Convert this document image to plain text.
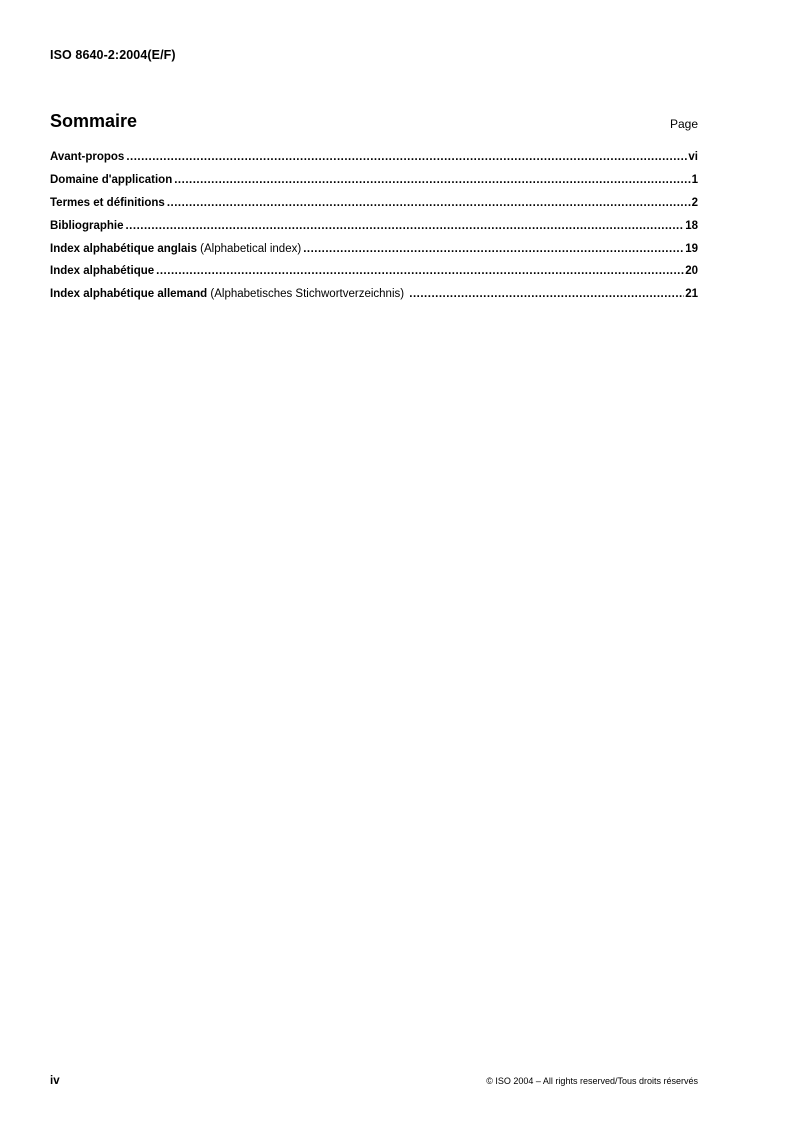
ISO 8640-2:2004(E/F)
Sommaire	Page
Avant-propos .....	vi
Domaine d'application .....	1
Termes et définitions .....	2
Bibliographie .....	18
Index alphabétique anglais (Alphabetical index) .....	19
Index alphabétique .....	20
Index alphabétique allemand (Alphabetisches Stichwortverzeichnis) .....	21
iv	© ISO 2004 – All rights reserved/Tous droits réservés
